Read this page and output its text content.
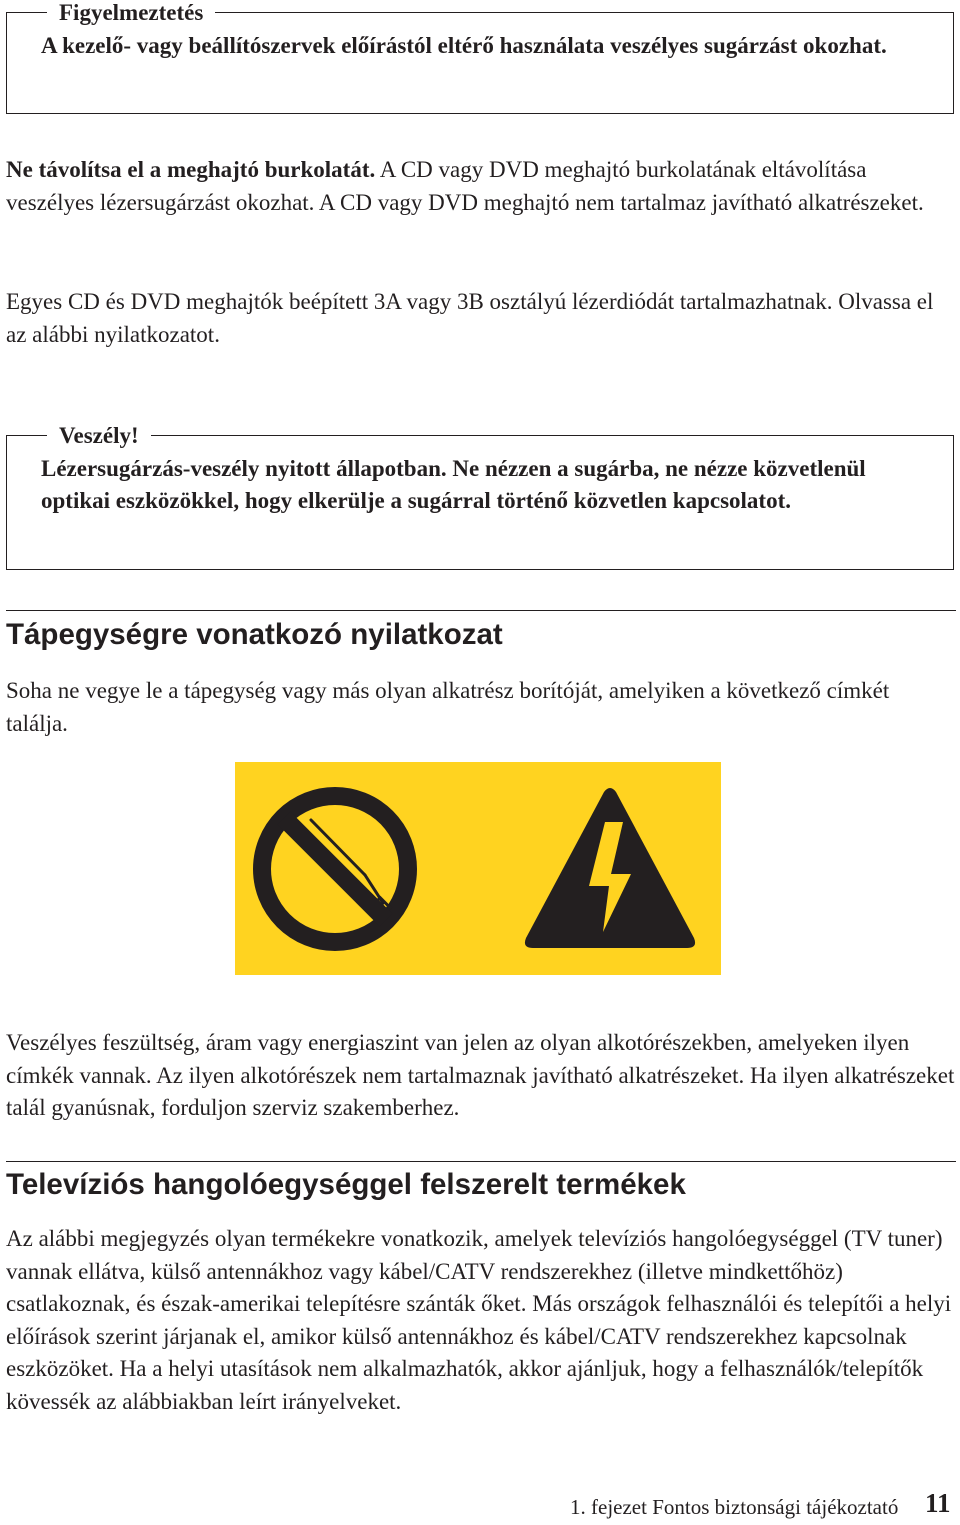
Figyelmeztetés
A kezelő- vagy beállítószervek előírástól eltérő használata veszélyes sugárzást okozhat.

Ne távolítsa el a meghajtó burkolatát. A CD vagy DVD meghajtó burkolatának eltávolítása veszélyes lézersugárzást okozhat. A CD vagy DVD meghajtó nem tartalmaz javítható alkatrészeket.

Egyes CD és DVD meghajtók beépített 3A vagy 3B osztályú lézerdiódát tartalmazhatnak. Olvassa el az alábbi nyilatkozatot.

Veszély!
Lézersugárzás-veszély nyitott állapotban. Ne nézzen a sugárba, ne nézze közvetlenül optikai eszközökkel, hogy elkerülje a sugárral történő közvetlen kapcsolatot.
Tápegységre vonatkozó nyilatkozat

Soha ne vegye le a tápegység vagy más olyan alkatrész borítóját, amelyiken a következő címkét találja.

Veszélyes feszültség, áram vagy energiaszint van jelen az olyan alkotórészekben, amelyeken ilyen címkék vannak. Az ilyen alkotórészek nem tartalmaznak javítható alkatrészeket. Ha ilyen alkatrészeket talál gyanúsnak, forduljon szerviz szakemberhez.

Televíziós hangolóegységgel felszerelt termékek

Az alábbi megjegyzés olyan termékekre vonatkozik, amelyek televíziós hangolóegységgel (TV tuner) vannak ellátva, külső antennákhoz vagy kábel/CATV rendszerekhez (illetve mindkettőhöz) csatlakoznak, és észak-amerikai telepítésre szánták őket. Más országok felhasználói és telepítői a helyi előírások szerint járjanak el, amikor külső antennákhoz és kábel/CATV rendszerekhez kapcsolnak eszközöket. Ha a helyi utasítások nem alkalmazhatók, akkor ajánljuk, hogy a felhasználók/telepítők kövessék az alábbiakban leírt irányelveket.

1. fejezet Fontos biztonsági tájékoztató 11
